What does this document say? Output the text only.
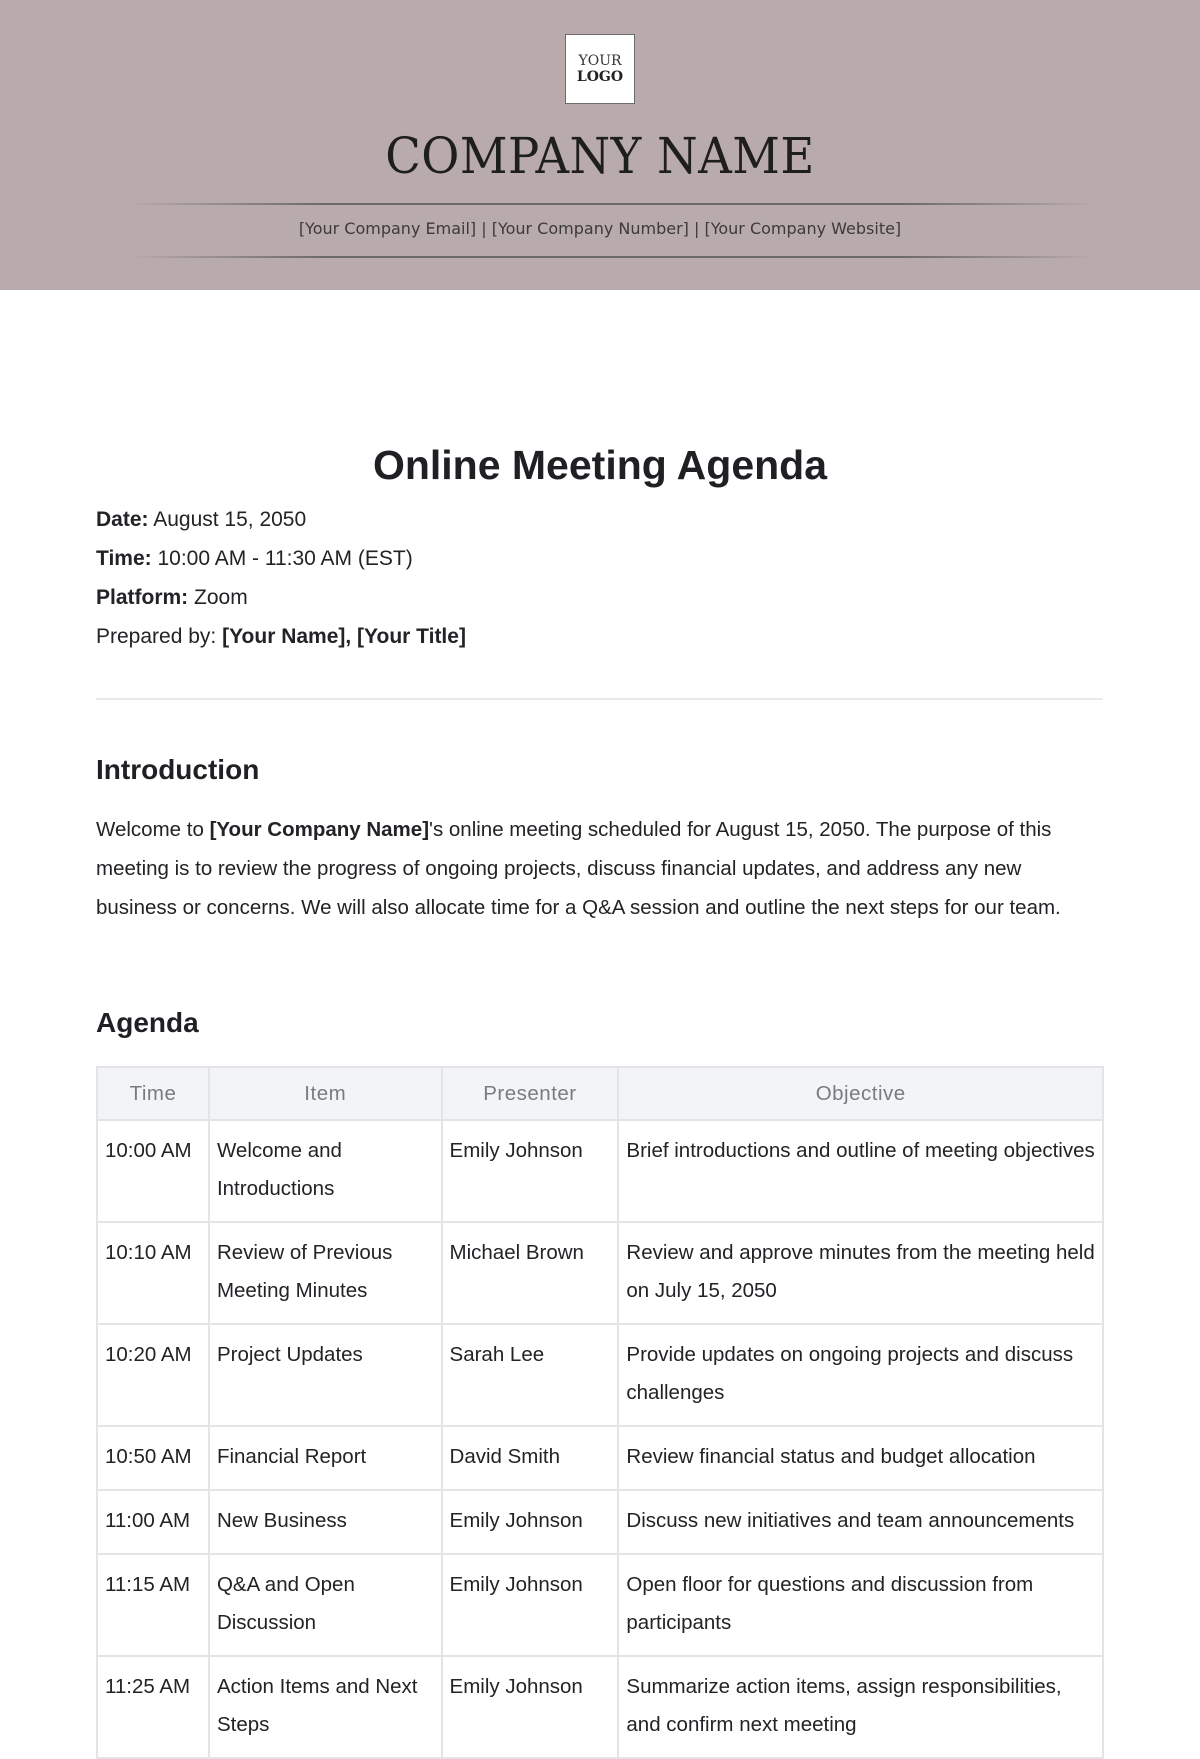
YOUR
LOGO
COMPANY NAME
[Your Company Email] | [Your Company Number] | [Your Company Website]
Online Meeting Agenda
Date: August 15, 2050
Time: 10:00 AM - 11:30 AM (EST)
Platform: Zoom
Prepared by: [Your Name], [Your Title]
Introduction

Welcome to [Your Company Name]'s online meeting scheduled for August 15, 2050. The purpose of this meeting is to review the progress of ongoing projects, discuss financial updates, and address any new business or concerns. We will also allocate time for a Q&A session and outline the next steps for our team.

Agenda
Time	Item	Presenter	Objective
10:00 AM	Welcome and Introductions	Emily Johnson	Brief introductions and outline of meeting objectives
10:10 AM	Review of Previous Meeting Minutes	Michael Brown	Review and approve minutes from the meeting held on July 15, 2050
10:20 AM	Project Updates	Sarah Lee	Provide updates on ongoing projects and discuss challenges
10:50 AM	Financial Report	David Smith	Review financial status and budget allocation
11:00 AM	New Business	Emily Johnson	Discuss new initiatives and team announcements
11:15 AM	Q&A and Open Discussion	Emily Johnson	Open floor for questions and discussion from participants
11:25 AM	Action Items and Next Steps	Emily Johnson	Summarize action items, assign responsibilities, and confirm next meeting
